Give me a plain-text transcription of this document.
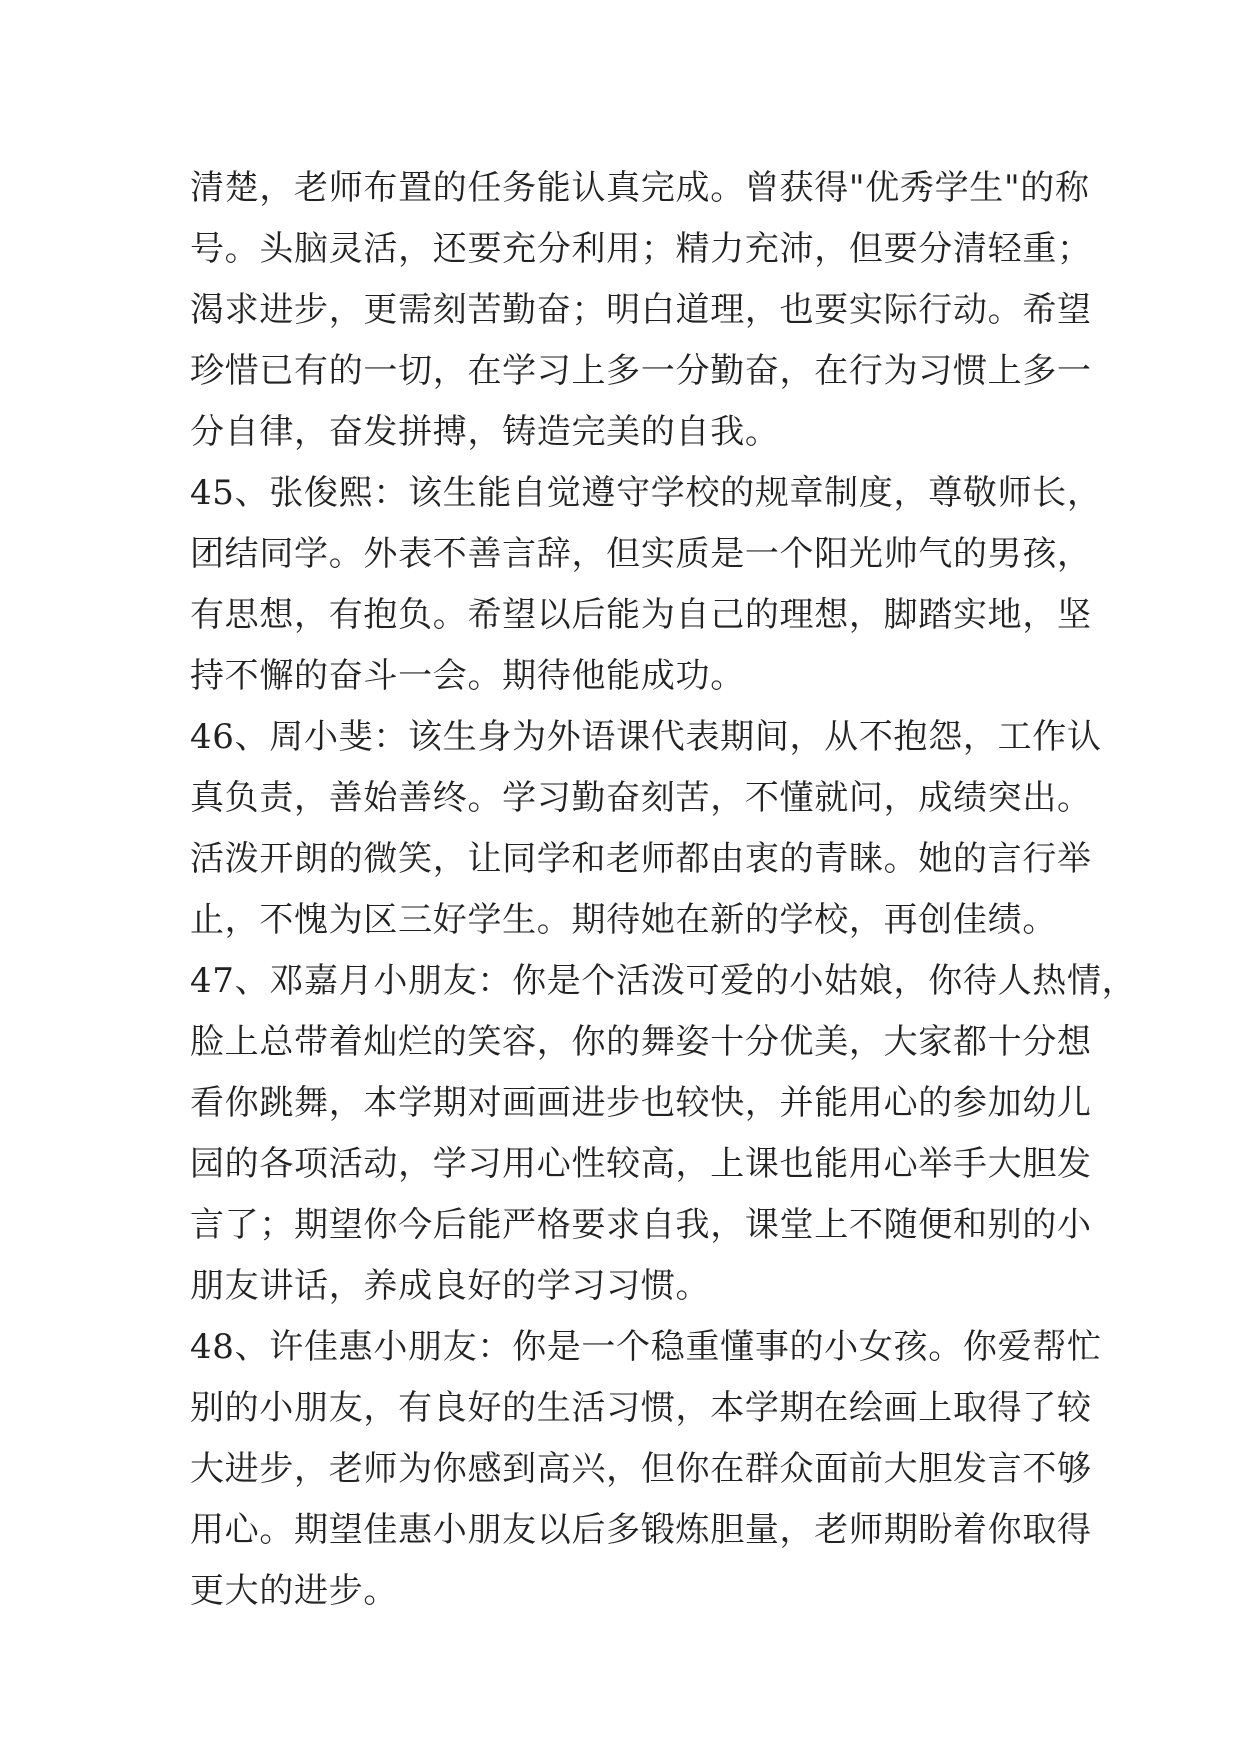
清楚，老师布置的任务能认真完成。曾获得"优秀学生"的称
号。头脑灵活，还要充分利用；精力充沛，但要分清轻重；
渴求进步，更需刻苦勤奋；明白道理，也要实际行动。希望
珍惜已有的一切，在学习上多一分勤奋，在行为习惯上多一
分自律，奋发拼搏，铸造完美的自我。
45、张俊熙：该生能自觉遵守学校的规章制度，尊敬师长，
团结同学。外表不善言辞，但实质是一个阳光帅气的男孩，
有思想，有抱负。希望以后能为自己的理想，脚踏实地，坚
持不懈的奋斗一会。期待他能成功。
46、周小斐：该生身为外语课代表期间，从不抱怨，工作认
真负责，善始善终。学习勤奋刻苦，不懂就问，成绩突出。
活泼开朗的微笑，让同学和老师都由衷的青睐。她的言行举
止，不愧为区三好学生。期待她在新的学校，再创佳绩。
47、邓嘉月小朋友：你是个活泼可爱的小姑娘，你待人热情，
脸上总带着灿烂的笑容，你的舞姿十分优美，大家都十分想
看你跳舞，本学期对画画进步也较快，并能用心的参加幼儿
园的各项活动，学习用心性较高，上课也能用心举手大胆发
言了；期望你今后能严格要求自我，课堂上不随便和别的小
朋友讲话，养成良好的学习习惯。
48、许佳惠小朋友：你是一个稳重懂事的小女孩。你爱帮忙
别的小朋友，有良好的生活习惯，本学期在绘画上取得了较
大进步，老师为你感到高兴，但你在群众面前大胆发言不够
用心。期望佳惠小朋友以后多锻炼胆量，老师期盼着你取得
更大的进步。
